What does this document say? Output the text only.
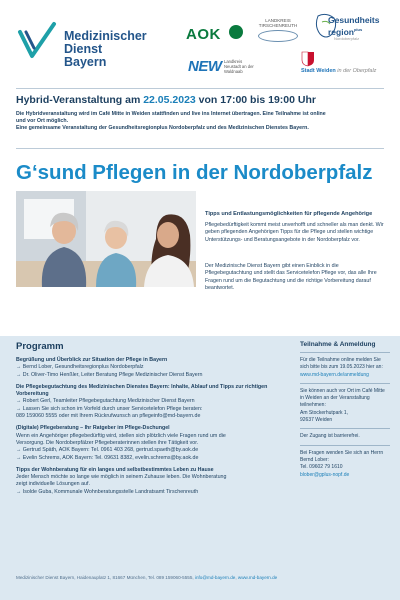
Medizinischer Dienst
Bayern
AOK
LANDKREIS TIRSCHENREUTH
Gesundheits
region$^{plus}$
Nordoberpfalz
NEW Landkreis Neustadt an der Waldnaab	Stadt Weiden in der Oberpfalz
Hybrid-Veranstaltung am 22.05.2023 von 17:00 bis 19:00 Uhr
Die Hybridveranstaltung wird im Café Mitte in Weiden stattfinden und live ins Internet übertragen. Eine Teilnahme ist online
und vor Ort möglich.
Eine gemeinsame Veranstaltung der Gesundheitsregionplus Nordoberpfalz und des Medizinischen Dienstes Bayern.
G‘sund Pflegen in der Nordoberpfalz
Tipps und Entlastungsmöglichkeiten für pflegende Angehörige
Pflegebedürftigkeit kommt meist unverhofft und schneller als man denkt. Wir geben pflegenden Angehörigen Tipps für die Pflege und stellen wichtige Unterstützungs- und Beratungsangebote in der Nordoberpfalz vor.
Der Medizinische Dienst Bayern gibt einen Einblick in die Pflegebegutachtung und stellt das Servicetelefon Pflege vor, das alle Ihre Fragen rund um die Begutachtung und die richtige Vorbereitung darauf beantwortet.
Programm
Begrüßung und Überblick zur Situation der Pflege in Bayern
→ Bernd Lober, Gesundheitsregionplus Nordoberpfalz
→ Dr. Oliver-Timo Henßler, Leiter Beratung Pflege Medizinischer Dienst Bayern
Die Pflegebegutachtung des Medizinischen Dienstes Bayern: Inhalte, Ablauf und Tipps zur richtigen Vorbereitung
→ Robert Gerl, Teamleiter Pflegebegutachtung Medizinischer Dienst Bayern
→ Lassen Sie sich schon im Vorfeld durch unser Servicetelefon Pflege beraten:
089 159060 5555 oder mit Ihrem Rückrufwunsch an pflegeinfo@md-bayern.de
(Digitale) Pflegeberatung – Ihr Ratgeber im Pflege-Dschungel
Wenn ein Angehöriger pflegebedürftig wird, stellen sich plötzlich viele Fragen rund um die
Versorgung. Die Nordoberpfälzer Pflegeberaterinnen stellen ihre Tätigkeit vor.
→ Gertrud Späth, AOK Bayern: Tel. 0961 403 268, gertrud.spaeth@by.aok.de
→ Evelin Schrems, AOK Bayern: Tel. 09631 8382, evelin.schrems@by.aok.de
Tipps der Wohnberatung für ein langes und selbstbestimmtes Leben zu Hause
Jeder Mensch möchte so lange wie möglich in seinem Zuhause leben. Die Wohnberatung
zeigt individuelle Lösungen auf.
→ Isolde Guba, Kommunale Wohnberatungsstelle Landratsamt Tirschenreuth
Teilnahme & Anmeldung
Für die Teilnahme online melden Sie sich bitte bis zum 19.05.2023 hier an:
www.md-bayern.de/anmeldung
Sie können auch vor Ort im Café Mitte in Weiden an der Veranstaltung teilnehmen:
Am Stockerhutpark 1,
92637 Weiden
Der Zugang ist barrierefrei.
Bei Fragen wenden Sie sich an Herrn Bernd Lober:
Tel. 09602 79 1610
blober@gplus-nopf.de
Medizinischer Dienst Bayern, Haidenauplatz 1, 81667 München, Tel. 089 159060-5555, info@md-bayern.de, www.md-bayern.de
